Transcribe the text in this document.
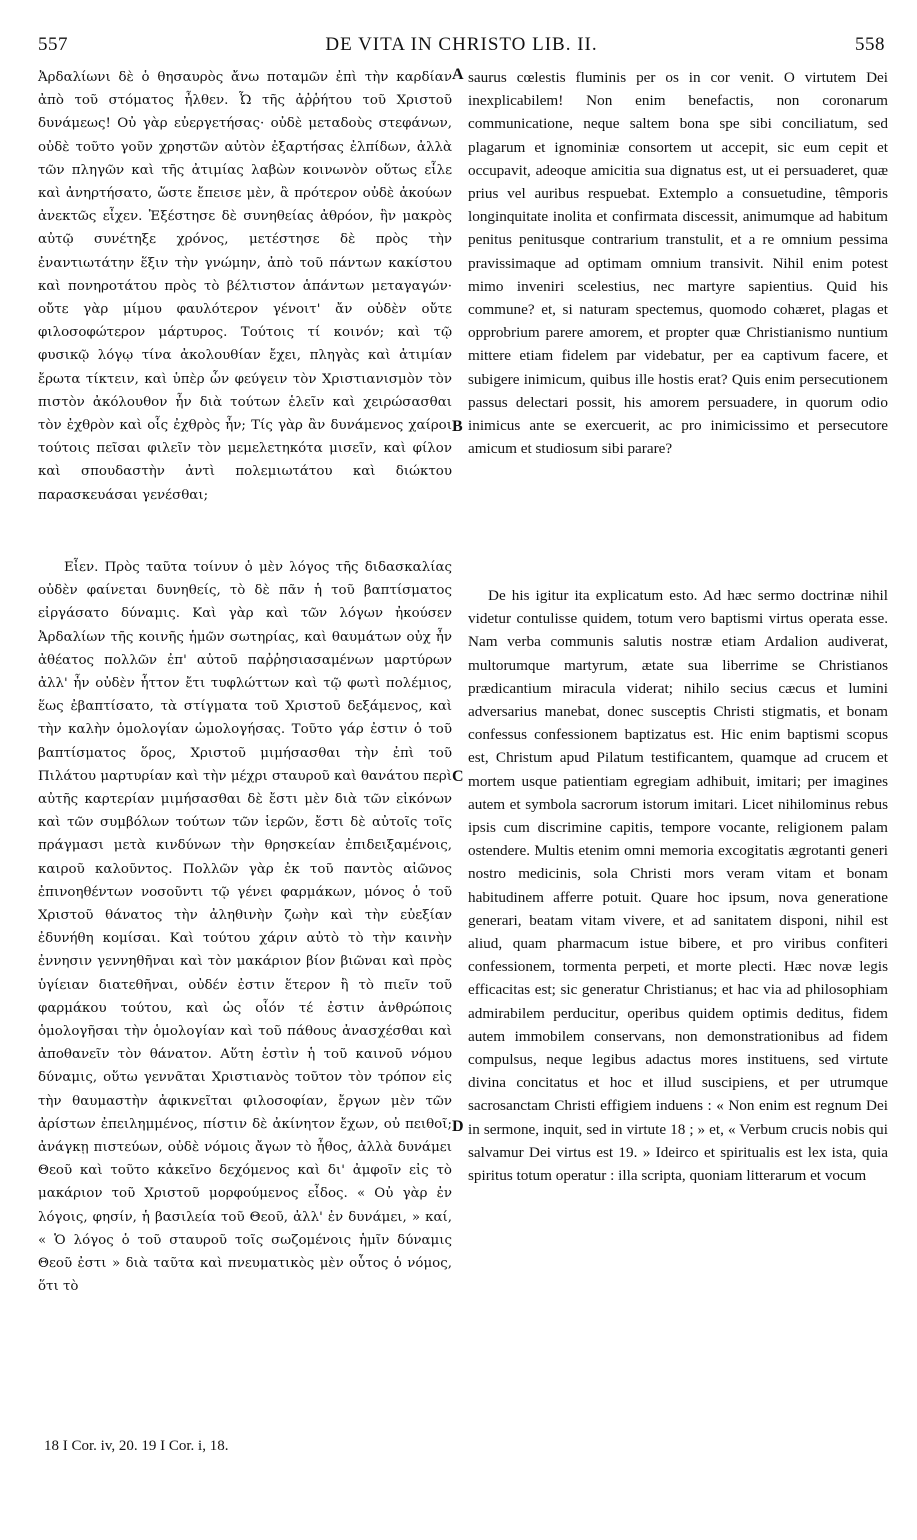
557	DE VITA IN CHRISTO LIB. II.	558

Ἀρδαλίωνι δὲ ὁ θησαυρὸς ἄνω ποταμῶν ἐπὶ τὴν καρδίαν ἀπὸ τοῦ στόματος ἦλθεν. Ὦ τῆς ἀῤῥήτου τοῦ Χριστοῦ δυνάμεως! Οὐ γὰρ εὐεργετήσας· οὐδὲ μεταδοὺς στεφάνων, οὐδὲ τοῦτο γοῦν χρηστῶν αὐτὸν ἐξαρτήσας ἐλπίδων, ἀλλὰ τῶν πληγῶν καὶ τῆς ἀτιμίας λαβὼν κοινωνὸν οὕτως εἷλε καὶ ἀνηρτήσατο, ὥστε ἔπεισε μὲν, ἃ πρότερον οὐδὲ ἀκούων ἀνεκτῶς εἶχεν. Ἐξέστησε δὲ συνηθείας ἀθρόον, ἣν μακρὸς αὐτῷ συνέτηξε χρόνος, μετέστησε δὲ πρὸς τὴν ἐναντιωτάτην ἕξιν τὴν γνώμην, ἀπὸ τοῦ πάντων κακίστου καὶ πονηροτάτου πρὸς τὸ βέλτιστον ἁπάντων μεταγαγών· οὔτε γὰρ μίμου φαυλότερον γένοιτ' ἄν οὐδὲν οὔτε φιλοσοφώτερον μάρτυρος. Τούτοις τί κοινόν; καὶ τῷ φυσικῷ λόγῳ τίνα ἀκολουθίαν ἔχει, πληγὰς καὶ ἀτιμίαν ἔρωτα τίκτειν, καὶ ὑπὲρ ὧν φεύγειν τὸν Χριστιανισμὸν τὸν πιστὸν ἀκόλουθον ἦν διὰ τούτων ἑλεῖν καὶ χειρώσασθαι τὸν ἐχθρὸν καὶ οἷς ἐχθρὸς ἦν; Τίς γὰρ ἂν δυνάμενος χαίροι τούτοις πεῖσαι φιλεῖν τὸν μεμελετηκότα μισεῖν, καὶ φίλον καὶ σπουδαστὴν ἀντὶ πολεμιωτάτου καὶ διώκτου παρασκευάσαι γενέσθαι;

Εἶεν. Πρὸς ταῦτα τοίνυν ὁ μὲν λόγος τῆς διδασκαλίας οὐδὲν φαίνεται δυνηθείς, τὸ δὲ πᾶν ἡ τοῦ βαπτίσματος εἰργάσατο δύναμις. Καὶ γὰρ καὶ τῶν λόγων ἠκούσεν Ἀρδαλίων τῆς κοινῆς ἡμῶν σωτηρίας, καὶ θαυμάτων οὐχ ἦν ἀθέατος πολλῶν ἐπ' αὐτοῦ παῤῥησιασαμένων μαρτύρων ἀλλ' ἦν οὐδὲν ἧττον ἔτι τυφλώττων καὶ τῷ φωτὶ πολέμιος, ἕως ἐβαπτίσατο, τὰ στίγματα τοῦ Χριστοῦ δεξάμενος, καὶ τὴν καλὴν ὁμολογίαν ὡμολογήσας. Τοῦτο γάρ ἐστιν ὁ τοῦ βαπτίσματος ὅρος, Χριστοῦ μιμήσασθαι τὴν ἐπὶ τοῦ Πιλάτου μαρτυρίαν καὶ τὴν μέχρι σταυροῦ καὶ θανάτου περὶ αὐτῆς καρτερίαν μιμήσασθαι δὲ ἔστι μὲν διὰ τῶν εἰκόνων καὶ τῶν συμβόλων τούτων τῶν ἱερῶν, ἔστι δὲ αὐτοῖς τοῖς πράγμασι μετὰ κινδύνων τὴν θρησκείαν ἐπιδειξαμένοις, καιροῦ καλοῦντος. Πολλῶν γὰρ ἐκ τοῦ παντὸς αἰῶνος ἐπινοηθέντων νοσοῦντι τῷ γένει φαρμάκων, μόνος ὁ τοῦ Χριστοῦ θάνατος τὴν ἀληθινὴν ζωὴν καὶ τὴν εὐεξίαν ἐδυνήθη κομίσαι. Καὶ τούτου χάριν αὐτὸ τὸ τὴν καινὴν ἐννησιν γεννηθῆναι καὶ τὸν μακάριον βίον βιῶναι καὶ πρὸς ὑγίειαν διατεθῆναι, οὐδέν ἐστιν ἕτερον ἢ τὸ πιεῖν τοῦ φαρμάκου τούτου, καὶ ὡς οἷόν τέ ἐστιν ἀνθρώποις ὁμολογῆσαι τὴν ὁμολογίαν καὶ τοῦ πάθους ἀνασχέσθαι καὶ ἀποθανεῖν τὸν θάνατον. Αὕτη ἐστὶν ἡ τοῦ καινοῦ νόμου δύναμις, οὕτω γεννᾶται Χριστιανὸς τοῦτον τὸν τρόπον εἰς τὴν θαυμαστὴν ἀφικνεῖται φιλοσοφίαν, ἔργων μὲν τῶν ἀρίστων ἐπειλημμένος, πίστιν δὲ ἀκίνητον ἔχων, οὐ πειθοῖ; ἀνάγκῃ πιστεύων, οὐδὲ νόμοις ἄγων τὸ ἦθος, ἀλλὰ δυνάμει Θεοῦ καὶ τοῦτο κἀκεῖνο δεχόμενος καὶ δι' ἀμφοῖν εἰς τὸ μακάριον τοῦ Χριστοῦ μορφούμενος εἶδος. « Οὐ γὰρ ἐν λόγοις, φησίν, ἡ βασιλεία τοῦ Θεοῦ, ἀλλ' ἐν δυνάμει, » καί, « Ὁ λόγος ὁ τοῦ σταυροῦ τοῖς σωζομένοις ἡμῖν δύναμις Θεοῦ ἐστι » διὰ ταῦτα καὶ πνευματικὸς μὲν οὗτος ὁ νόμος, ὅτι τὸ

A
B
C
D

saurus cœlestis fluminis per os in cor venit. O virtutem Dei inexplicabilem! Non enim benefactis, non coronarum communicatione, neque saltem bona spe sibi conciliatum, sed plagarum et ignominiæ consortem ut accepit, sic eum cepit et occupavit, adeoque amicitia sua dignatus est, ut ei persuaderet, quæ prius vel auribus respuebat. Extemplo a consuetudine, têmporis longinquitate inolita et confirmata discessit, animumque ad habitum penitus penitusque contrarium transtulit, et a re omnium pessima pravissimaque ad optimam omnium transivit. Nihil enim potest mimo inveniri scelestius, nec martyre sapientius. Quid his commune? et, si naturam spectemus, quomodo cohæret, plagas et opprobrium parere amorem, et propter quæ Christianismo nuntium mittere etiam fidelem par videbatur, per ea captivum facere, et subigere inimicum, quibus ille hostis erat? Quis enim persecutionem passus delectari possit, his amorem persuadere, in quorum odio inimicus ante se exercuerit, ac pro inimicissimo et persecutore amicum et studiosum sibi parare?

De his igitur ita explicatum esto. Ad hæc sermo doctrinæ nihil videtur contulisse quidem, totum vero baptismi virtus operata esse. Nam verba communis salutis nostræ etiam Ardalion audiverat, multorumque martyrum, ætate sua liberrime se Christianos prædicantium miracula viderat; nihilo secius cæcus et lumini adversarius manebat, donec susceptis Christi stigmatis, et bonam confessus confessionem baptizatus est. Hic enim baptismi scopus est, Christum apud Pilatum testificantem, quamque ad crucem et mortem usque patientiam egregiam adhibuit, imitari; per imagines autem et symbola sacrorum istorum imitari. Licet nihilominus rebus ipsis cum discrimine capitis, tempore vocante, religionem palam ostendere. Multis etenim omni memoria excogitatis ægrotanti generi nostro medicinis, sola Christi mors veram vitam et bonam habitudinem afferre potuit. Quare hoc ipsum, nova generatione generari, beatam vitam vivere, et ad sanitatem disponi, nihil est aliud, quam pharmacum istue bibere, et pro viribus confiteri confessionem, tormenta perpeti, et morte plecti. Hæc novæ legis efficacitas est; sic generatur Christianus; et hac via ad philosophiam admirabilem perducitur, operibus quidem optimis deditus, fidem autem immobilem conservans, non demonstrationibus ad fidem compulsus, neque legibus adactus mores instituens, sed virtute divina concitatus et hoc et illud suscipiens, et per utrumque sacrosanctam Christi effigiem induens : « Non enim est regnum Dei in sermone, inquit, sed in virtute 18 ; » et, « Verbum crucis nobis qui salvamur Dei virtus est 19. » Ideirco et spiritualis est lex ista, quia spiritus totum operatur : illa scripta, quoniam litterarum et vocum

18 I Cor. iv, 20. 19 I Cor. i, 18.
